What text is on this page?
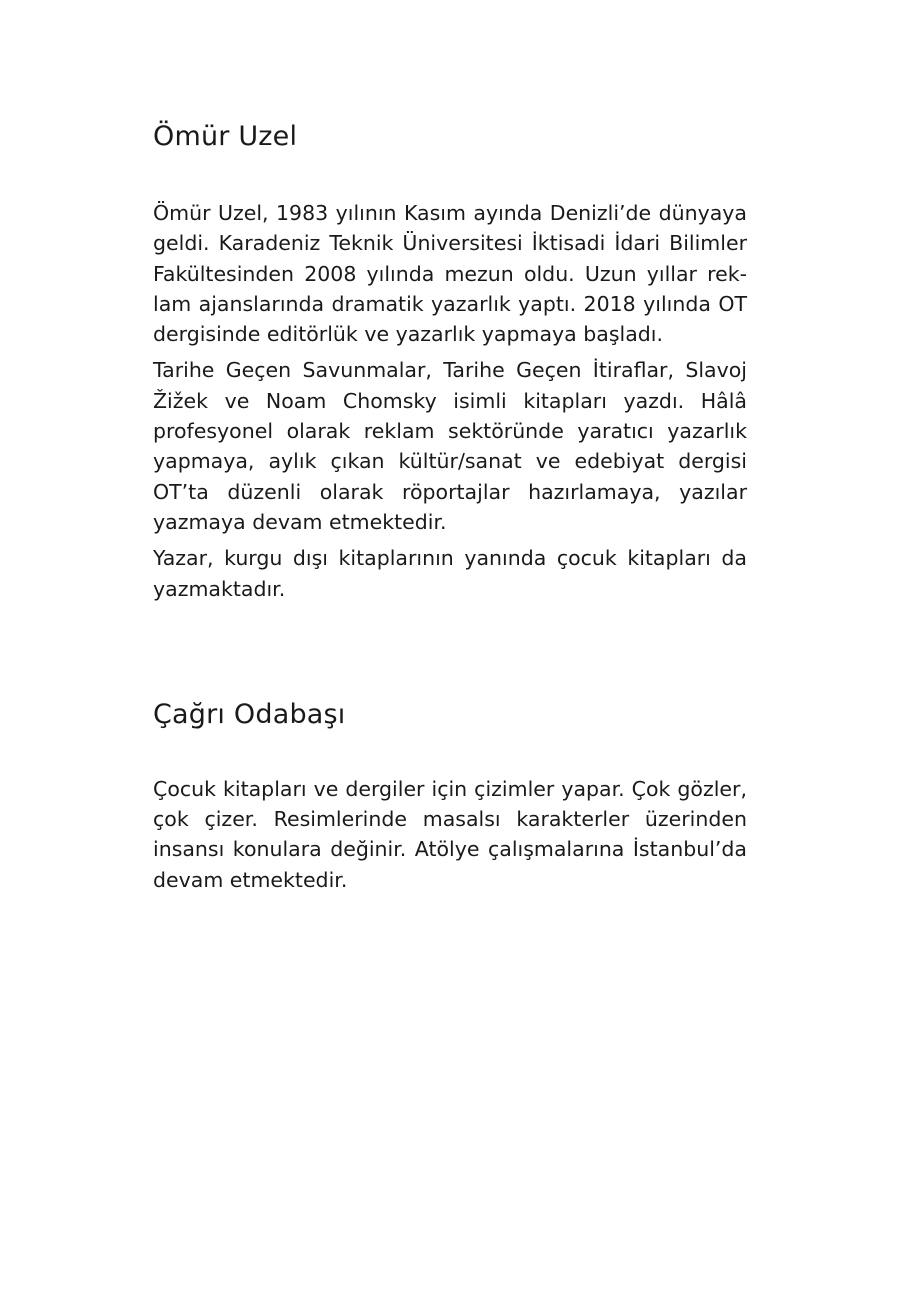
Ömür Uzel

Ömür Uzel, 1983 yılının Kasım ayında Denizli’de dünyaya geldi. Karadeniz Teknik Üniversitesi İktisadi İdari Bilimler Fakültesinden 2008 yılında mezun oldu. Uzun yıllar reklam ajanslarında dramatik yazarlık yaptı. 2018 yılında OT dergisinde editörlük ve yazarlık yapmaya başladı.

Tarihe Geçen Savunmalar, Tarihe Geçen İtiraflar, Slavoj Žižek ve Noam Chomsky isimli kitapları yazdı. Hâlâ profesyonel olarak reklam sektöründe yaratıcı yazarlık yapmaya, aylık çıkan kültür/sanat ve edebiyat dergisi OT’ta düzenli olarak röportajlar hazırlamaya, yazılar yazmaya devam etmektedir.

Yazar, kurgu dışı kitaplarının yanında çocuk kitapları da yazmaktadır.

Çağrı Odabaşı

Çocuk kitapları ve dergiler için çizimler yapar. Çok gözler, çok çizer. Resimlerinde masalsı karakterler üzerinden insansı konulara değinir. Atölye çalışmalarına İstanbul’da devam etmektedir.
